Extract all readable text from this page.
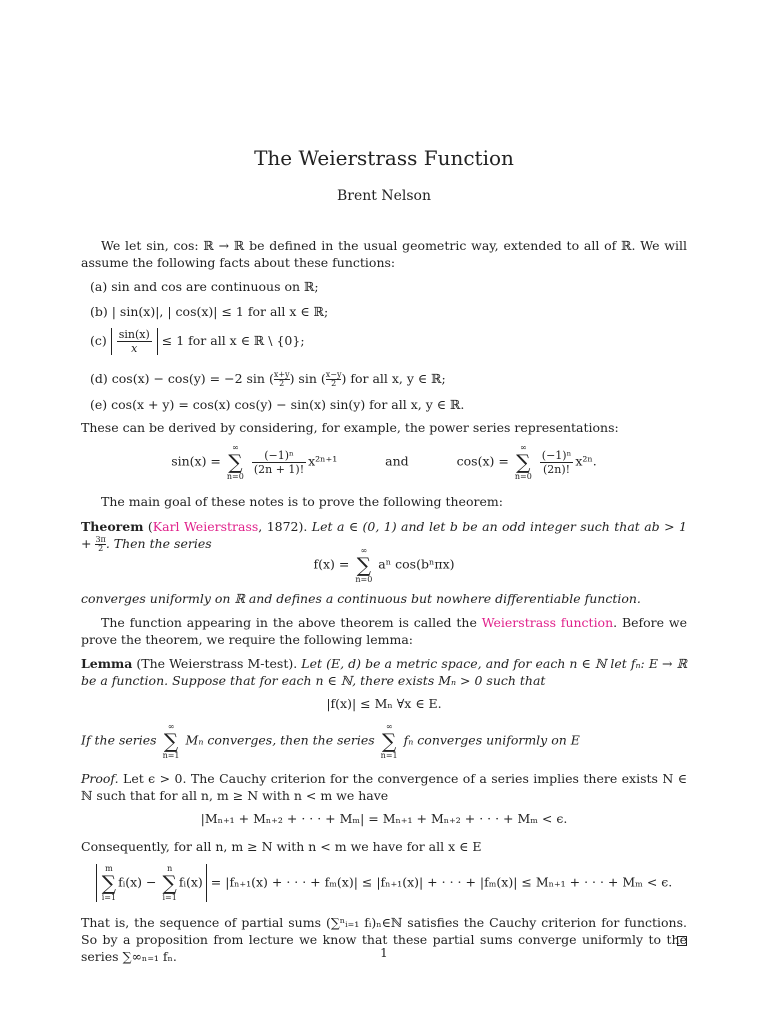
The Weierstrass Function
Brent Nelson
We let sin, cos: ℝ → ℝ be defined in the usual geometric way, extended to all of ℝ. We will assume the following facts about these functions:
(a) sin and cos are continuous on ℝ;
(b) | sin(x)|, | cos(x)| ≤ 1 for all x ∈ ℝ;
$(c) \frac{\sin(x)}{x} \le 1$ for all x ∈ ℝ \ {0};
(d) cos(x) − cos(y) = −2 sin ( $\frac{x+y}{2}$) sin ( $\frac{x-y}{2}$) for all x, y ∈ ℝ;
(e) cos(x + y) = cos(x) cos(y) − sin(x) sin(y) for all x, y ∈ ℝ.
These can be derived by considering, for example, the power series representations:
sin(x) =
∞
∑
n=0

$\frac{\text{(−1)ⁿ}}{(2n + 1)!} x^{2n+1}$	and	cos(x) =
∞
∑
n=0

$\frac{\text{(−1)ⁿ}}{(2n)!} x^{2n}$.
The main goal of these notes is to prove the following theorem:
Theorem (Karl Weierstrass, 1872). Let a ∈ (0, 1) and let b be an odd integer such that ab > $1 + \frac{3\pi}{2}$. Then the series
f(x) =
∞
∑
n=0
aⁿ cos(bⁿπx)
converges uniformly on ℝ and defines a continuous but nowhere differentiable function.
The function appearing in the above theorem is called the Weierstrass function. Before we prove the theorem, we require the following lemma:
Lemma (The Weierstrass M-test). Let (E, d) be a metric space, and for each n ∈ ℕ let fₙ: E → ℝ be a function. Suppose that for each n ∈ ℕ, there exists Mₙ > 0 such that
|f(x)| ≤ Mₙ ∀x ∈ E.
If the series
∞
∑
n=1
Mₙ converges, then the series
∞
∑
n=1
fₙ converges uniformly on E
Proof. Let ϵ > 0. The Cauchy criterion for the convergence of a series implies there exists N ∈ ℕ such that for all n, m ≥ N with n < m we have
|Mₙ₊₁ + Mₙ₊₂ + · · · + Mₘ| = Mₙ₊₁ + Mₙ₊₂ + · · · + Mₘ < ϵ.
Consequently, for all n, m ≥ N with n < m we have for all x ∈ E
m
∑
i=1
fᵢ(x) −
n
∑
i=1
fᵢ(x) = |fₙ₊₁(x) + · · · + fₘ(x)| ≤ |fₙ₊₁(x)| + · · · + |fₘ(x)| ≤ Mₙ₊₁ + · · · + Mₘ < ϵ.
That is, the sequence of partial sums (∑ⁿᵢ₌₁ fᵢ)ₙ∈ℕ satisfies the Cauchy criterion for functions. So by a proposition from lecture we know that these partial sums converge uniformly to the series ∑∞ₙ₌₁ fₙ.	1
